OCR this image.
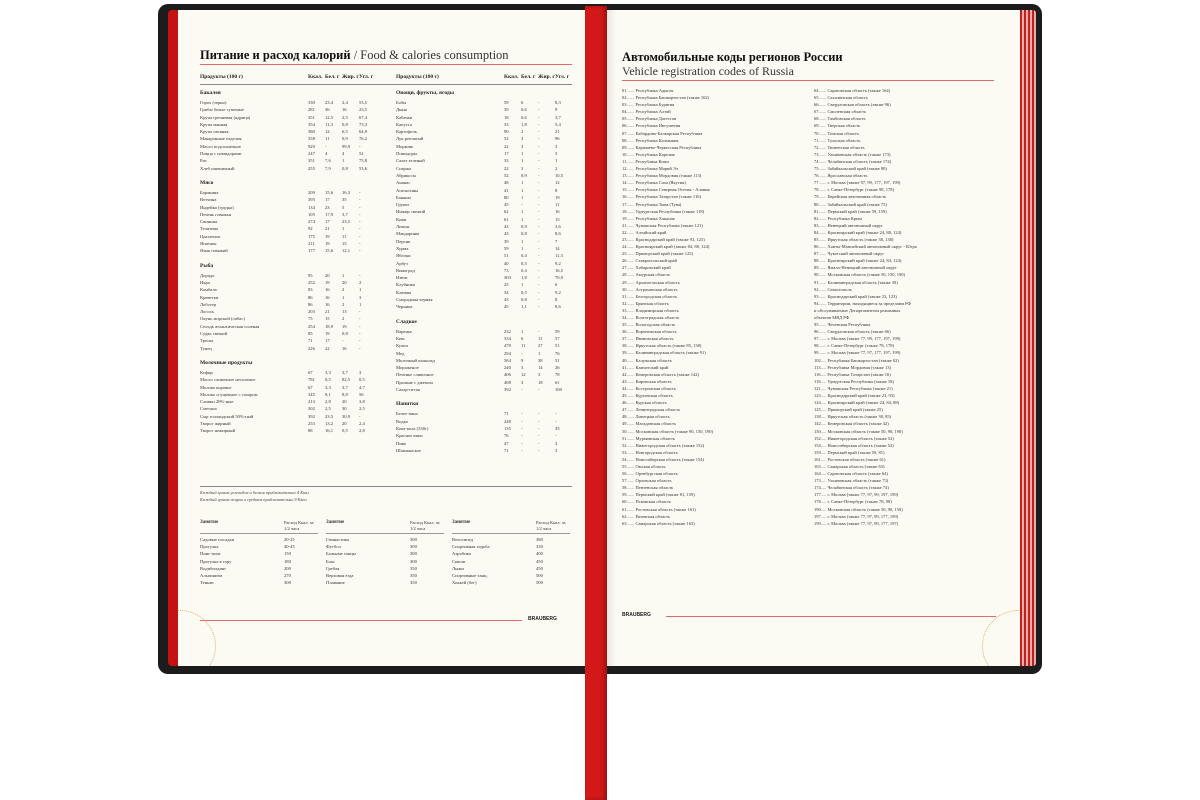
Питание и расход калорий / Food & calories consumption
Продукты (100 г)	Ккал. Бел. г Жир. г Угл. г	Продукты (100 г)	Ккал. Бел. г Жир. г Угл. г
Бакалея
Горох (зерно)	330	23,4	2,4	53,5
Грибы белые сушеные	281	36	16	23,5
Крупа гречневая (ядрица)	351	12,5	2,5	67,4
Крупа манная	354	11,3	0,8	73,3
Крупа овсяная	380	12	6,5	64,9
Макаронные изделия	358	11	0,9	76,2
Масло подсолнечное	929	-	99,9	-
Пицца с помидорами	247	4	4	52
Рис	351	7,6	1	75,8
Хлеб пшеничный	255	7,9	0,8	53,6
Мясо
Баранина	209	15,6	16,3	-
Ветчина	395	17	35	-
Индейка (грудка)	134	23	5	-
Печень говяжья	105	17,9	3,7	-
Свинина	274	17	23,5	-
Телятина	92	21	1	-
Цыпленок	175	19	11	-
Ягненок	211	19	15	-
Язык говяжий	177	15,6	12,1	-
Рыба
Дорадо	95	20	1	-
Икра	252	19	20	2
Камбала	83	16	2	1
Креветки	86	16	1	3
Лобстер	86	16	2	1
Лосось	203	21	13	-
Окунь морской (сибас)	75	15	2	-
Сельдь атлантическая соленая	254	18,9	19	-
Судак свежий	85	19	0,8	-
Треска	71	17	-	-
Тунец	226	22	16	-
Молочные продукты
Кефир	67	3,3	3,7	3
Масло сливочное несоленое	781	0,5	82,5	0,5
Молоко коровье	67	3,3	3,7	4,7
Молоко сгущенное с сахаром	345	8,1	8,8	56
Сливки 20%-ные	213	2,8	20	3,8
Сметана	302	2,5	30	2,5
Сыр голландский 50%-ный	392	23,5	30,9	-
Творог жирный	253	13,2	20	2,4
Творог нежирный	88	16,1	0,5	2,8
Овощи, фрукты, ягоды
Бобы	59	6	-	8,3
Дыня	39	0,6	-	9
Кабачки	18	0,6	-	3,7
Капуста	33	1,8	-	5,4
Картофель	90	2	-	21
Лук репчатый	52	3	-	96
Морковь	22	3	-	3
Помидоры	17	1	-	3
Салат зеленый	33	1	-	1
Спаржа	22	3	-	2
Абрикосы	52	0,9	-	10,5
Ананас	48	1	-	12
Апельсины	41	1	-	8
Бананы	80	1	-	19
Груши	45	-	-	11
Инжир свежий	62	1	-	16
Киви	61	1	-	15
Лимон	43	0,9	-	3,6
Мандарины	43	0,8	-	8,6
Персик	39	1	-	7
Хурма	59	1	-	14
Яблоки	51	0,4	-	11,3
Арбуз	40	0,5	-	9,2
Виноград	73	0,4	-	16,5
Изюм	303	1,8	-	70,9
Клубника	25	1	-	6
Клюква	34	0,5	-	9,2
Смородина черная	43	0,8	-	8
Черника	45	1,1	-	8,6
Сладкое
Варенье	232	1	-	59
Кекс	334	6	11	57
Кулич	479	11	27	51
Мед	294	-	1	76
Молочный шоколад	564	9	38	51
Мороженое	240	3	14	26
Печенье сливочное	406	12	3	78
Пралине с джемом	408	3	18	61
Сахар-песок	392	-	-	100
Напитки
Белое вино	71	-	-	-
Водка	248	-	-	-
Кока-кола (330г)	135	-	-	35
Красное вино	76	-	-	-
Пиво	47	-	-	3
Шампанское	71	-	-	3
Каждый грамм углеводов и белков приблизительно 4 Ккал
Каждый грамм жиров в среднем приблизительно 9 Ккал
Занятие	Расход Ккал. за 1/2 часа
Садовые посадки	20-25
Прогулка	40-45
Пинг-понг	150
Прогулка в гору	180
Водибилдинг	200
Альпинизм	270
Теннис	300
Занятие	Расход Ккал. за 1/2 часа
Гимнастика	300
Футбол	300
Бальные танцы	300
Бокс	300
Гребля	350
Верховая езда	350
Плавание	350
Занятие	Расход Ккал. за 1/2 часа
Велосипед	380
Спортивная ходьба	330
Аэробика	400
Сквош	450
Лыжи	450
Спортивные танц.	500
Хоккей (бег)	500
BRAUBERG
Автомобильные коды регионов России
Vehicle registration codes of Russia
01....... Республика Адыгея
02....... Республика Башкортостан (также 102)
03....... Республика Бурятия
04....... Республика Алтай
05....... Республика Дагестан
06....... Республика Ингушетия
07....... Кабардино-Балкарская Республика
08....... Республика Калмыкия
09....... Карачаево-Черкесская Республика
10....... Республика Карелия
11....... Республика Коми
12....... Республика Марий Эл
13....... Республика Мордовия (также 113)
14....... Республика Саха (Якутия)
15....... Республика Северная Осетия - Алания
16....... Республика Татарстан (также 116)
17....... Республика Тыва (Тува)
18....... Удмуртская Республика (также 118)
19....... Республика Хакасия
21....... Чувашская Республика (также 121)
22....... Алтайский край
23....... Краснодарский край (также 93, 123)
24....... Красноярский край (также 84, 88, 124)
25....... Приморский край (также 125)
26....... Ставропольский край
27....... Хабаровский край
28....... Амурская область
29....... Архангельская область
30....... Астраханская область
31....... Белгородская область
32....... Брянская область
33....... Владимирская область
34....... Волгоградская область
35....... Вологодская область
36....... Воронежская область
37....... Ивановская область
38....... Иркутская область (также 85, 138)
39....... Калининградская область (также 91)
40....... Калужская область
41....... Камчатский край
42....... Кемеровская область (также 142)
43....... Кировская область
44....... Костромская область
45....... Курганская область
46....... Курская область
47....... Ленинградская область
48....... Липецкая область
49....... Магаданская область
50....... Московская область (также 90, 150, 190)
51....... Мурманская область
52....... Нижегородская область (также 152)
53....... Новгородская область
54....... Новосибирская область (также 154)
55....... Омская область
56....... Оренбургская область
57....... Орловская область
58....... Пензенская область
59....... Пермский край (также 81, 159)
60....... Псковская область
61....... Ростовская область (также 161)
62....... Рязанская область
63....... Самарская область (также 163)
64....... Саратовская область (также 164)
65....... Сахалинская область
66....... Свердловская область (также 96)
67....... Смоленская область
68....... Тамбовская область
69....... Тверская область
70....... Томская область
71....... Тульская область
72....... Тюменская область
73....... Ульяновская область (также 173)
74....... Челябинская область (также 174)
75....... Забайкальский край (также 80)
76....... Ярославская область
77....... г. Москва (также 97, 99, 177, 197, 199)
78....... г. Санкт-Петербург (также 98, 178)
79....... Еврейская автономная область
80....... Забайкальский край (также 75)
81....... Пермский край (также 59, 159)
82....... Республика Крым
83....... Ненецкий автономный округ
84....... Красноярский край (также 24, 88, 124)
85....... Иркутская область (также 38, 138)
86....... Ханты-Мансийский автономный округ - Югра
87....... Чукотский автономный округ
88....... Красноярский край (также 24, 84, 124)
89....... Ямало-Ненецкий автономный округ
90....... Московская область (также 50, 150, 190)
91....... Калининградская область (также 39)
92....... Севастополь
93....... Краснодарский край (также 23, 123)
94....... Территории, находящиеся за пределами РФ
и обслуживаемые Департаментом режимных
объектов МВД РФ
95....... Чеченская Республика
96....... Свердловская область (также 66)
97....... г. Москва (также 77, 99, 177, 197, 199)
98....... г. Санкт-Петербург (также 78, 178)
99....... г. Москва (также 77, 97, 177, 197, 199)
102..... Республика Башкортостан (также 02)
113..... Республика Мордовия (также 13)
116..... Республика Татарстан (также 16)
118..... Удмуртская Республика (также 18)
121..... Чувашская Республика (также 21)
123..... Краснодарский край (также 23, 93)
124..... Красноярский край (также 24, 84, 88)
125..... Приморский край (также 25)
138..... Иркутская область (также 38, 85)
142..... Кемеровская область (также 42)
150..... Московская область (также 50, 90, 190)
152..... Нижегородская область (также 52)
154..... Новосибирская область (также 54)
159..... Пермский край (также 59, 81)
161..... Ростовская область (также 61)
163..... Самарская область (также 63)
164..... Саратовская область (также 64)
173..... Ульяновская область (также 73)
174..... Челябинская область (также 74)
177..... г. Москва (также 77, 97, 99, 197, 199)
178..... г. Санкт-Петербург (также 78, 98)
190..... Московская область (также 50, 90, 150)
197..... г. Москва (также 77, 97, 99, 177, 199)
199..... г. Москва (также 77, 97, 99, 177, 197)
BRAUBERG
